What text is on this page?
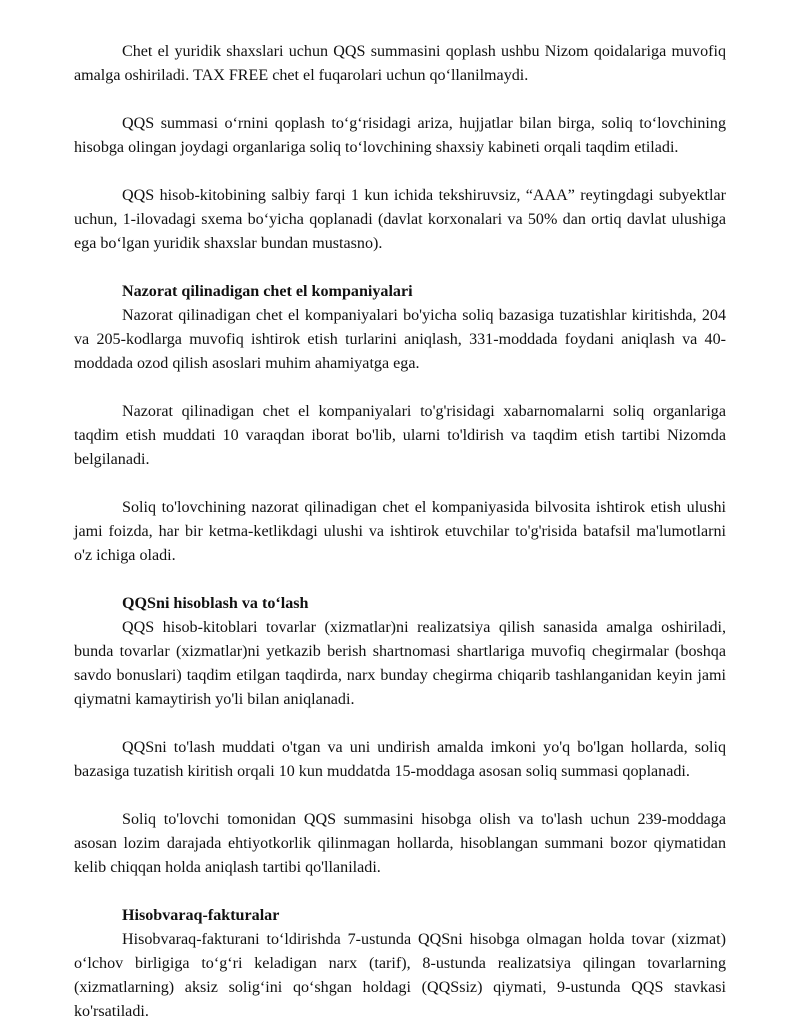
Chet el yuridik shaxslari uchun QQS summasini qoplash ushbu Nizom qoidalariga muvofiq amalga oshiriladi. TAX FREE chet el fuqarolari uchun qo‘llanilmaydi.

QQS summasi o‘rnini qoplash to‘g‘risidagi ariza, hujjatlar bilan birga, soliq to‘lovchining hisobga olingan joydagi organlariga soliq to‘lovchining shaxsiy kabineti orqali taqdim etiladi.

QQS hisob-kitobining salbiy farqi 1 kun ichida tekshiruvsiz, “AAA” reytingdagi subyektlar uchun, 1-ilovadagi sxema bo‘yicha qoplanadi (davlat korxonalari va 50% dan ortiq davlat ulushiga ega bo‘lgan yuridik shaxslar bundan mustasno).

Nazorat qilinadigan chet el kompaniyalari

Nazorat qilinadigan chet el kompaniyalari bo'yicha soliq bazasiga tuzatishlar kiritishda, 204 va 205-kodlarga muvofiq ishtirok etish turlarini aniqlash, 331-moddada foydani aniqlash va 40-moddada ozod qilish asoslari muhim ahamiyatga ega.

Nazorat qilinadigan chet el kompaniyalari to'g'risidagi xabarnomalarni soliq organlariga taqdim etish muddati 10 varaqdan iborat bo'lib, ularni to'ldirish va taqdim etish tartibi Nizomda belgilanadi.

Soliq to'lovchining nazorat qilinadigan chet el kompaniyasida bilvosita ishtirok etish ulushi jami foizda, har bir ketma-ketlikdagi ulushi va ishtirok etuvchilar to'g'risida batafsil ma'lumotlarni o'z ichiga oladi.

QQSni hisoblash va to‘lash

QQS hisob-kitoblari tovarlar (xizmatlar)ni realizatsiya qilish sanasida amalga oshiriladi, bunda tovarlar (xizmatlar)ni yetkazib berish shartnomasi shartlariga muvofiq chegirmalar (boshqa savdo bonuslari) taqdim etilgan taqdirda, narx bunday chegirma chiqarib tashlanganidan keyin jami qiymatni kamaytirish yo'li bilan aniqlanadi.

QQSni to'lash muddati o'tgan va uni undirish amalda imkoni yo'q bo'lgan hollarda, soliq bazasiga tuzatish kiritish orqali 10 kun muddatda 15-moddaga asosan soliq summasi qoplanadi.

Soliq to'lovchi tomonidan QQS summasini hisobga olish va to'lash uchun 239-moddaga asosan lozim darajada ehtiyotkorlik qilinmagan hollarda, hisoblangan summani bozor qiymatidan kelib chiqqan holda aniqlash tartibi qo'llaniladi.

Hisobvaraq-fakturalar

Hisobvaraq-fakturani to‘ldirishda 7-ustunda QQSni hisobga olmagan holda tovar (xizmat) o‘lchov birligiga to‘g‘ri keladigan narx (tarif), 8-ustunda realizatsiya qilingan tovarlarning (xizmatlarning) aksiz solig‘ini qo‘shgan holdagi (QQSsiz) qiymati, 9-ustunda QQS stavkasi ko'rsatiladi.
